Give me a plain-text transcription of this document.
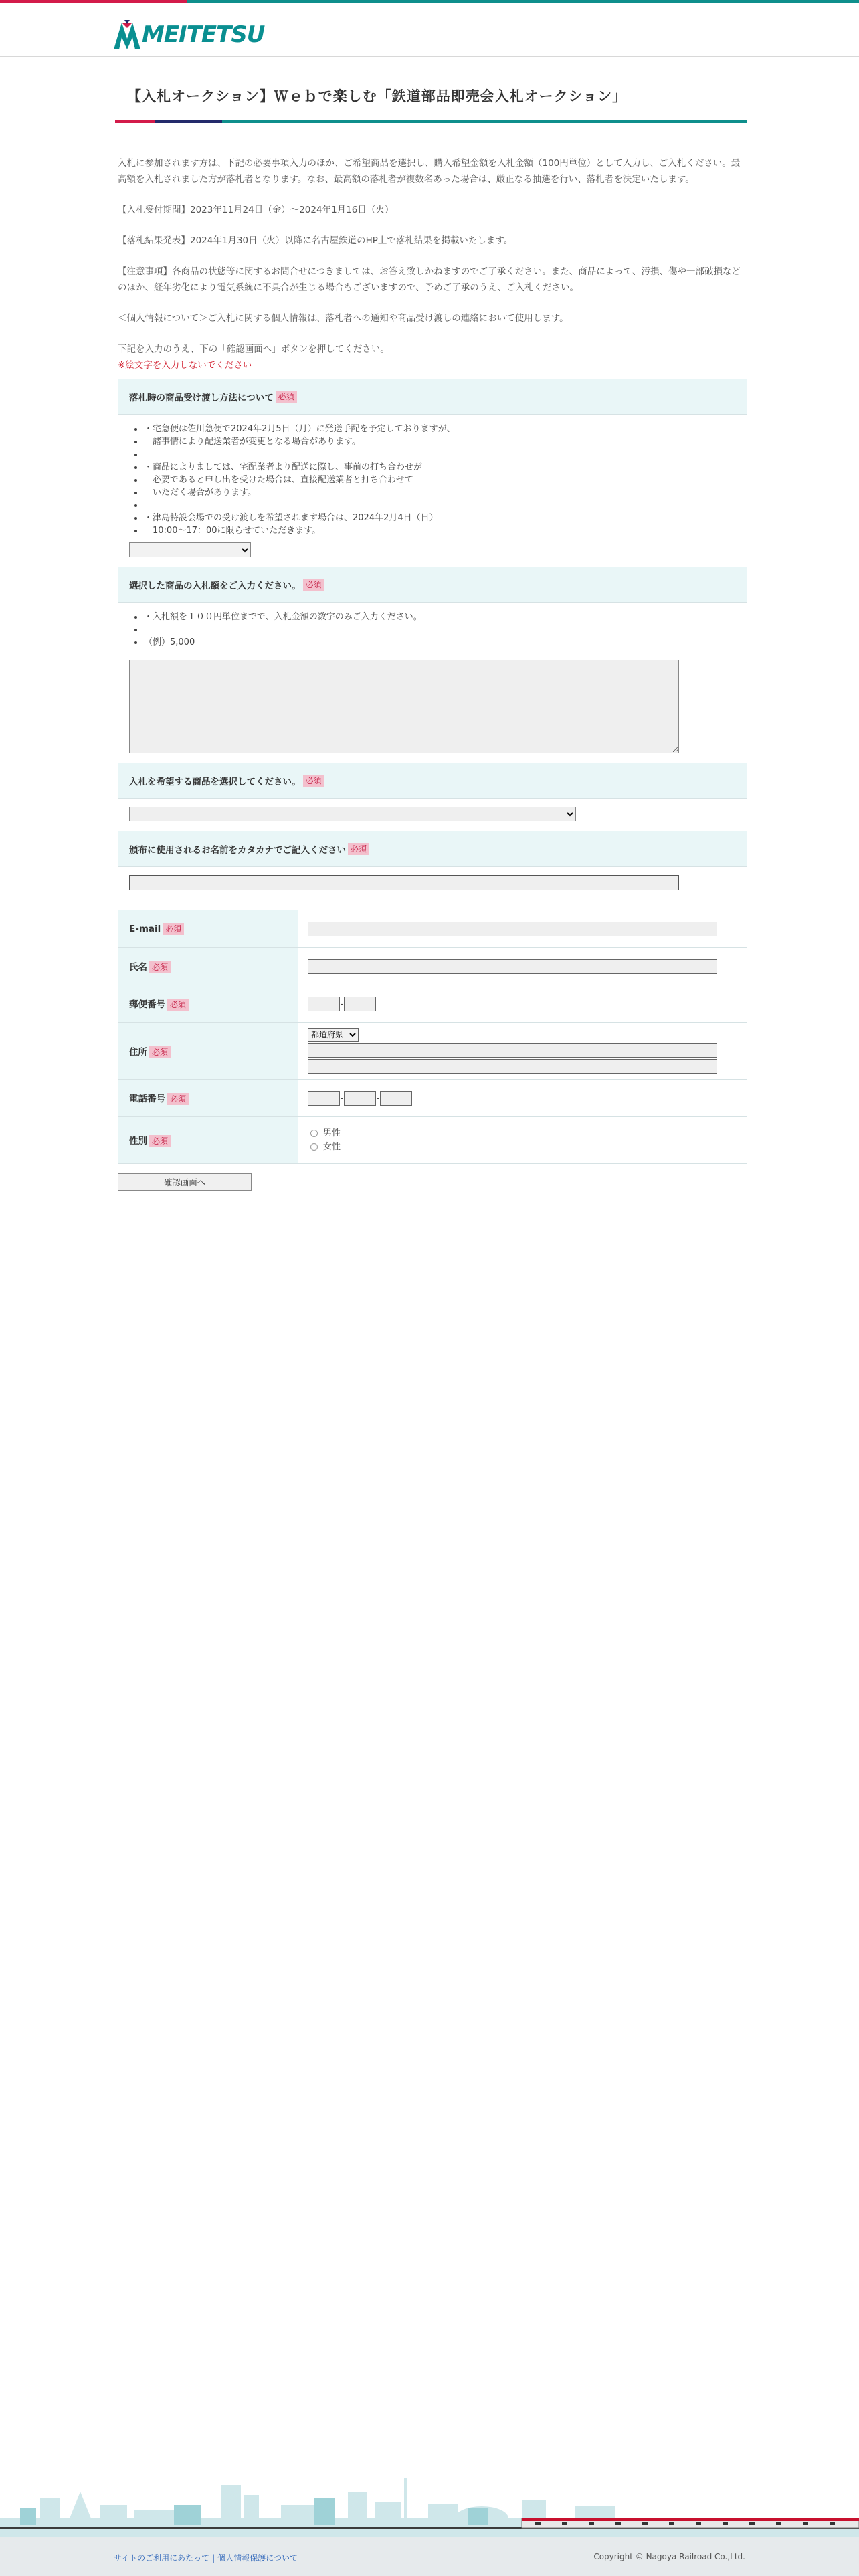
MEITETSU
【入札オークション】Ｗｅｂで楽しむ「鉄道部品即売会入札オークション」

入札に参加されます方は、下記の必要事項入力のほか、ご希望商品を選択し、購入希望金額を入札金額（100円単位）として入力し、ご入札ください。最高額を入札されました方が落札者となります。なお、最高額の落札者が複数名あった場合は、厳正なる抽選を行い、落札者を決定いたします。

【入札受付期間】2023年11月24日（金）～2024年1月16日（火）

【落札結果発表】2024年1月30日（火）以降に名古屋鉄道のHP上で落札結果を掲載いたします。

【注意事項】各商品の状態等に関するお問合せにつきましては、お答え致しかねますのでご了承ください。また、商品によって、汚損、傷や一部破損などのほか、経年劣化により電気系統に不具合が生じる場合もございますので、予めご了承のうえ、ご入札ください。

＜個人情報について＞ご入札に関する個人情報は、落札者への通知や商品受け渡しの連絡において使用します。

下記を入力のうえ、下の「確認画面へ」ボタンを押してください。

※絵文字を入力しないでください
落札時の商品受け渡し方法について 必須
• ・宅急便は佐川急便で2024年2月5日（月）に発送手配を予定しておりますが、
• 　諸事情により配送業者が変更となる場合があります。
•
• ・商品によりましては、宅配業者より配送に際し、事前の打ち合わせが
• 　必要であると申し出を受けた場合は、直接配送業者と打ち合わせて
• 　いただく場合があります。
•
• ・津島特設会場での受け渡しを希望されます場合は、2024年2月4日（日）
• 　10:00～17：00に限らせていただきます。
選択した商品の入札額をご入力ください。 必須
• ・入札額を１００円単位までで、入札金額の数字のみご入力ください。
•
• （例）5,000
入札を希望する商品を選択してください。 必須
頒布に使用されるお名前をカタカナでご記入ください 必須
E-mail 必須	
氏名 必須	
郵便番号 必須	-
住所 必須	
都道府県

電話番号 必須	- -
性別 必須	男性
女性
確認画面へ
サイトのご利用にあたって | 個人情報保護について	Copyright © Nagoya Railroad Co.,Ltd.
